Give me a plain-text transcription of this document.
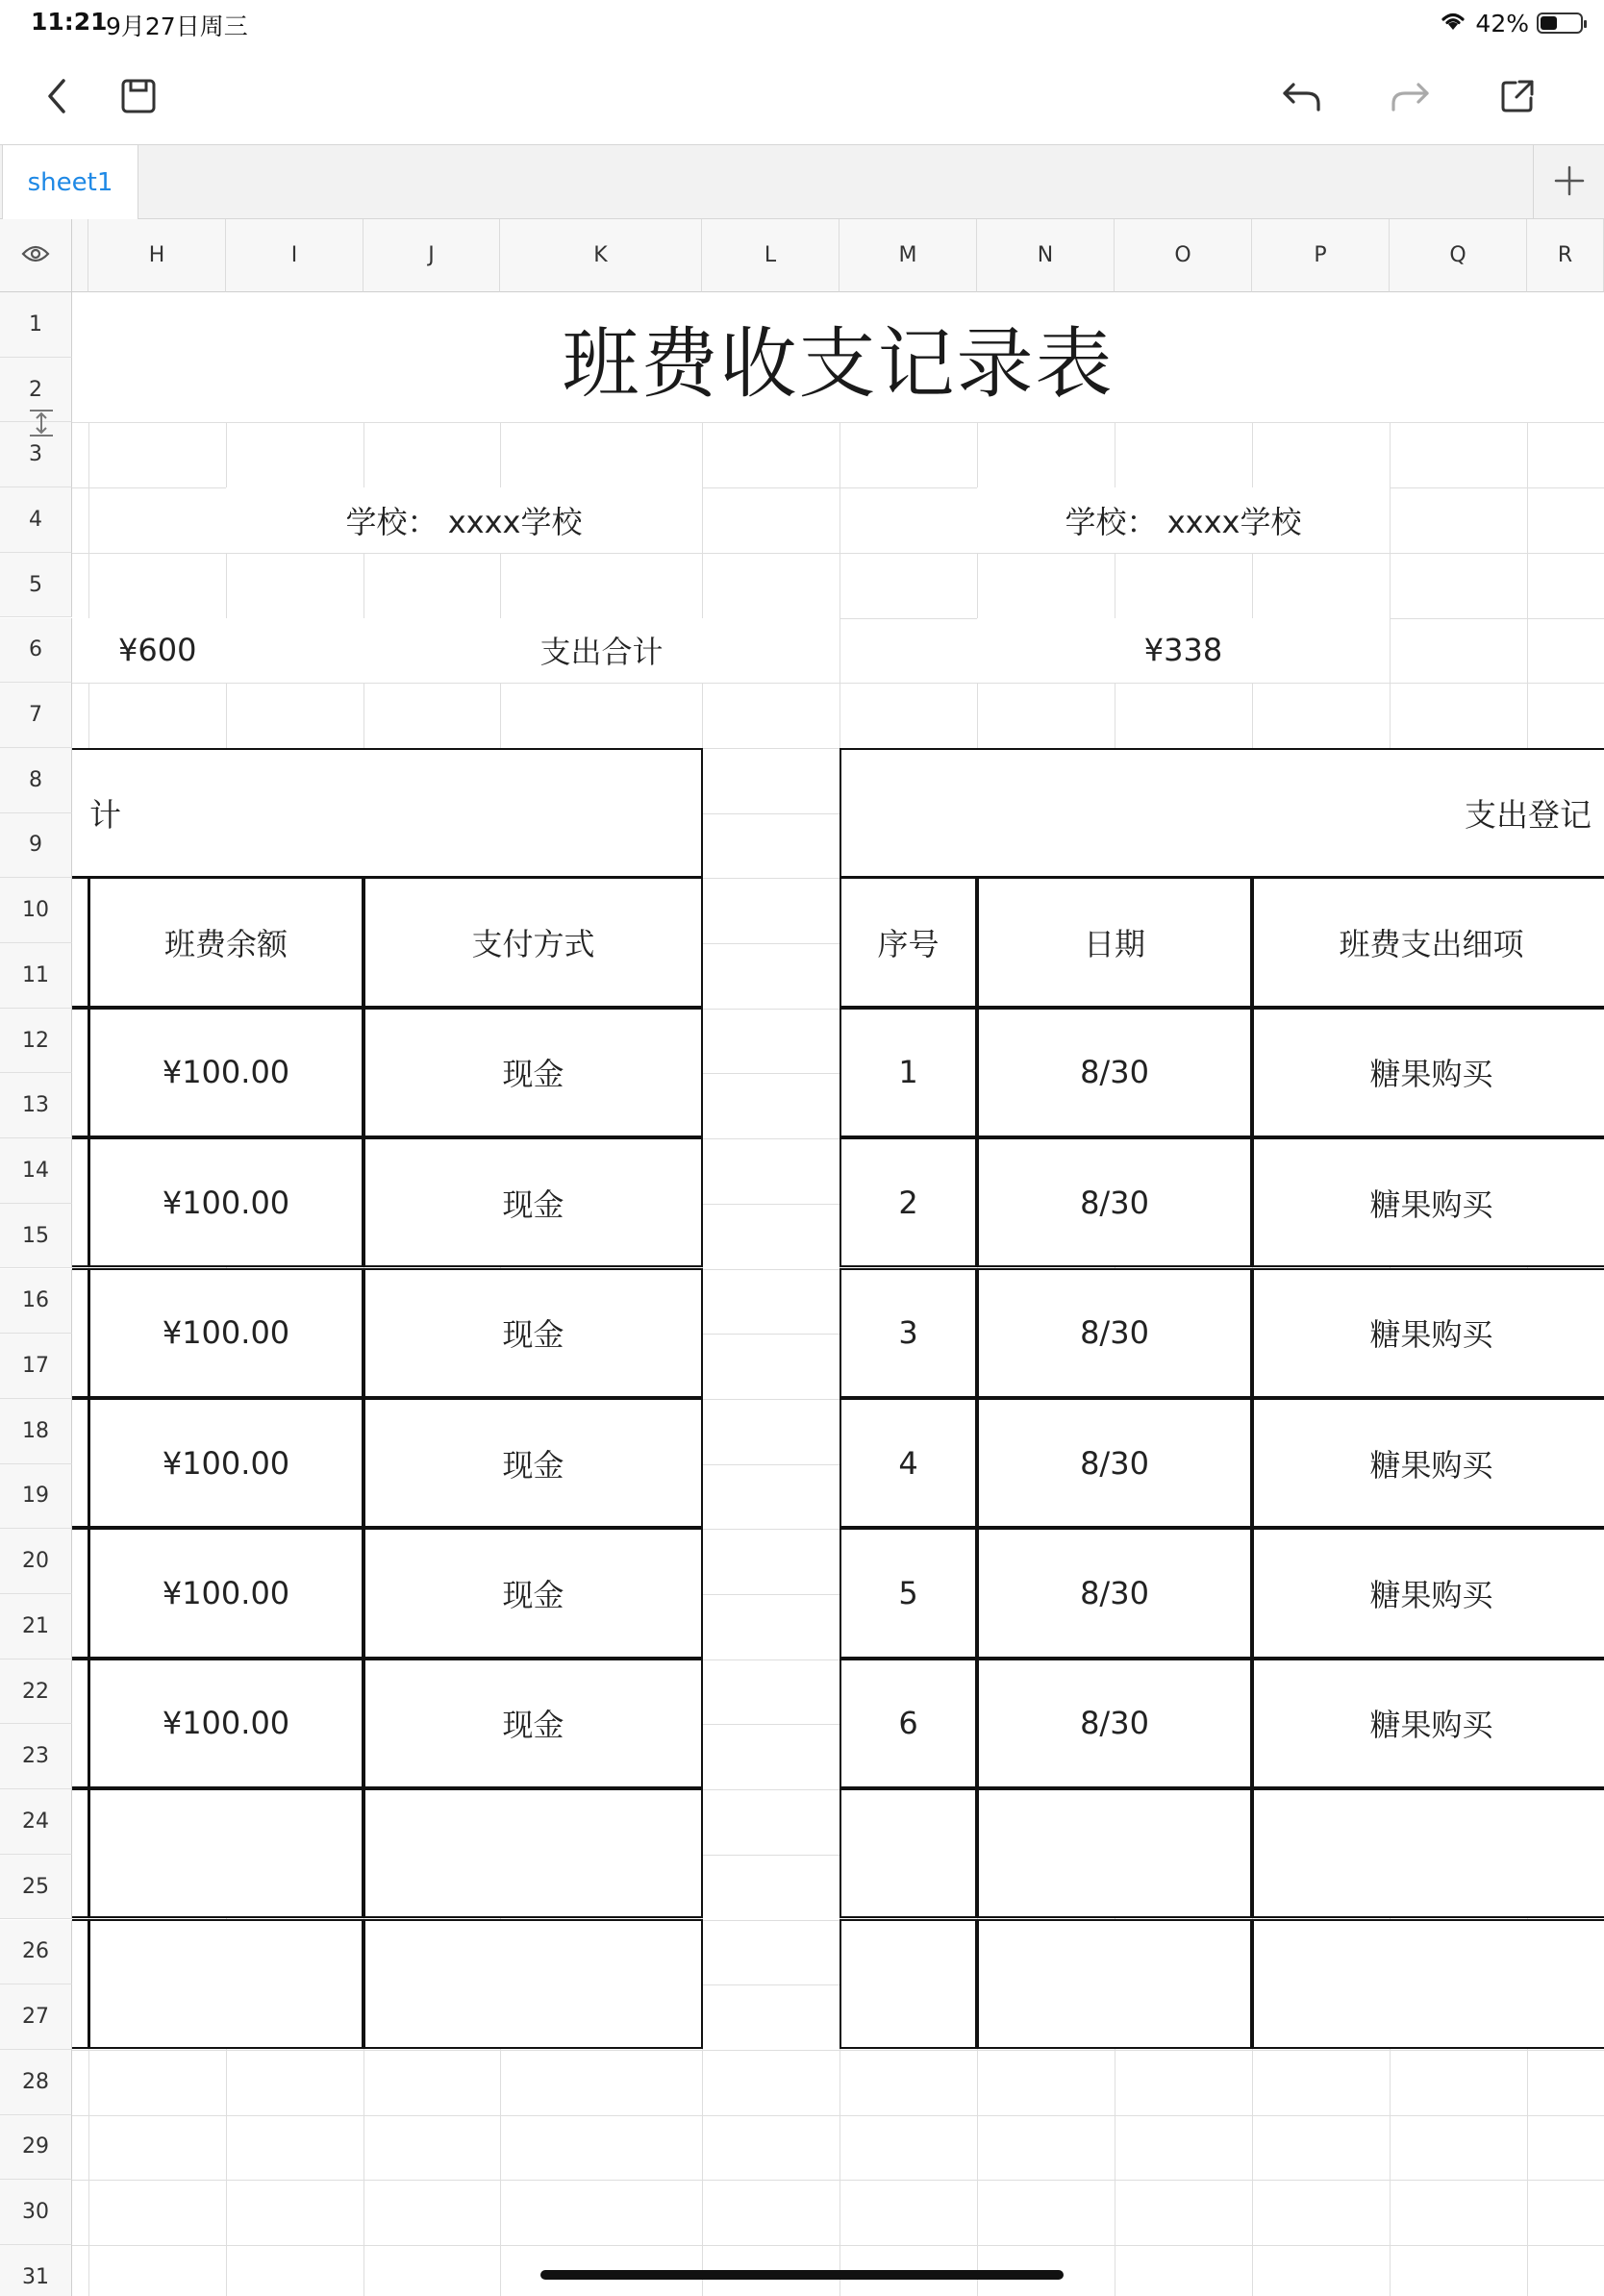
11:21
9月27日周三	42%
sheet1
H	I	J	K	L	M	N	O	P	Q	R
1
2
3
4
5
6
7
8
9
10
11
12
13
14
15
16
17
18
19
20
21
22
23
24
25
26
27
28
29
30
31
班费收支记录表
学校： xxxx学校	学校： xxxx学校
¥600	支出合计	¥338
计	支出登记
班费余额	支付方式
¥100.00	现金
¥100.00	现金
¥100.00	现金
¥100.00	现金
¥100.00	现金
¥100.00	现金
序号	日期	班费支出细项
1	8/30	糖果购买
2	8/30	糖果购买
3	8/30	糖果购买
4	8/30	糖果购买
5	8/30	糖果购买
6	8/30	糖果购买
